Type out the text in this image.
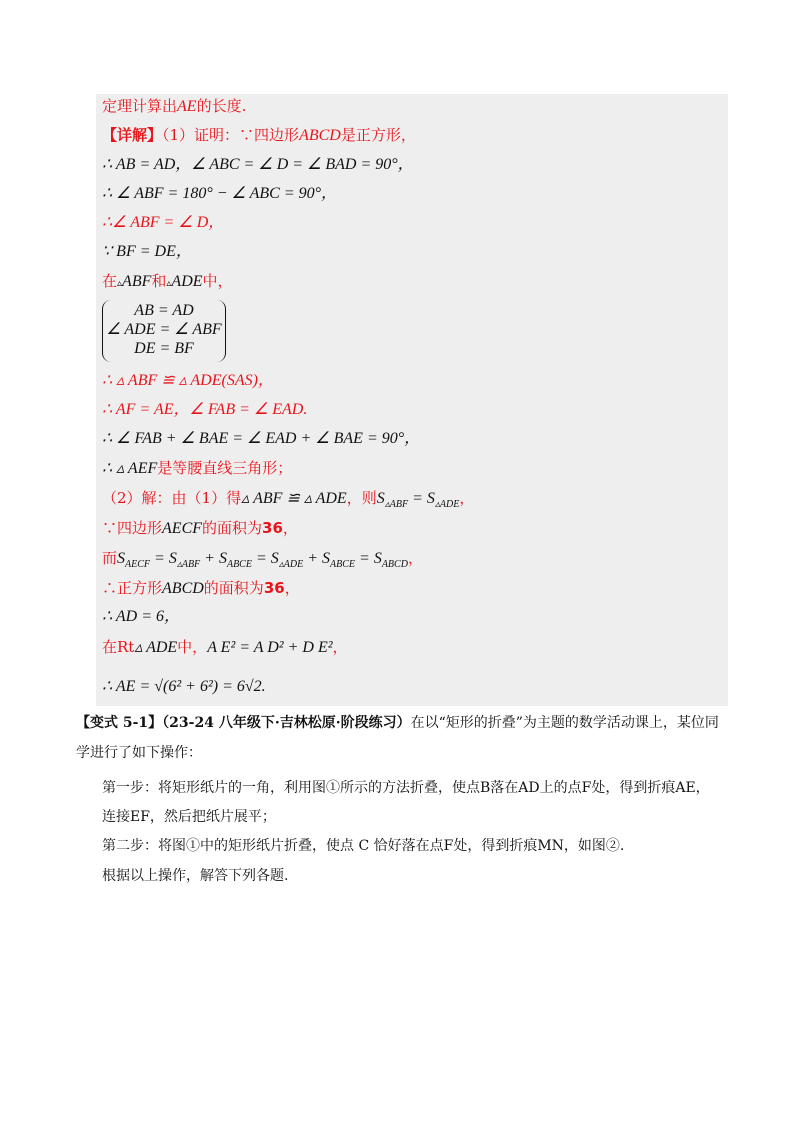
定理计算出AE的长度.
【详解】（1）证明：∵四边形ABCD是正方形，
∴ AB = AD，∠ ABC = ∠ D = ∠ BAD = 90°，
∴ ∠ ABF = 180° − ∠ ABC = 90°，
∴∠ ABF = ∠ D，
∵ BF = DE，
在▵ABF和▵ADE中，
AB = AD
∠ ADE = ∠ ABF
DE = BF
∴ ▵ ABF ≌ ▵ ADE(SAS)，
∴ AF = AE，∠ FAB = ∠ EAD.
∴ ∠ FAB + ∠ BAE = ∠ EAD + ∠ BAE = 90°，
∴ ▵ AEF是等腰直线三角形；
（2）解：由（1）得▵ ABF ≌ ▵ ADE，则$S_{▵ABF} = S_{▵ADE}$，
∵四边形AECF的面积为36，
而$S_{AECF} = S_{▵ABF} + S_{ABCE} = S_{▵ADE} + S_{ABCE} = S_{ABCD}$，
∴正方形ABCD的面积为36，
∴ AD = 6，
在Rt▵ ADE中，A E² = A D² + D E²，
∴ AE = √(6² + 6²) = 6√2.
【变式 5-1】（23-24 八年级下·吉林松原·阶段练习）在以“矩形的折叠”为主题的数学活动课上，某位同
学进行了如下操作：
第一步：将矩形纸片的一角，利用图①所示的方法折叠，使点B落在AD上的点F处，得到折痕AE，
连接EF，然后把纸片展平；
第二步：将图①中的矩形纸片折叠，使点 C 恰好落在点F处，得到折痕MN，如图②.
根据以上操作，解答下列各题.
